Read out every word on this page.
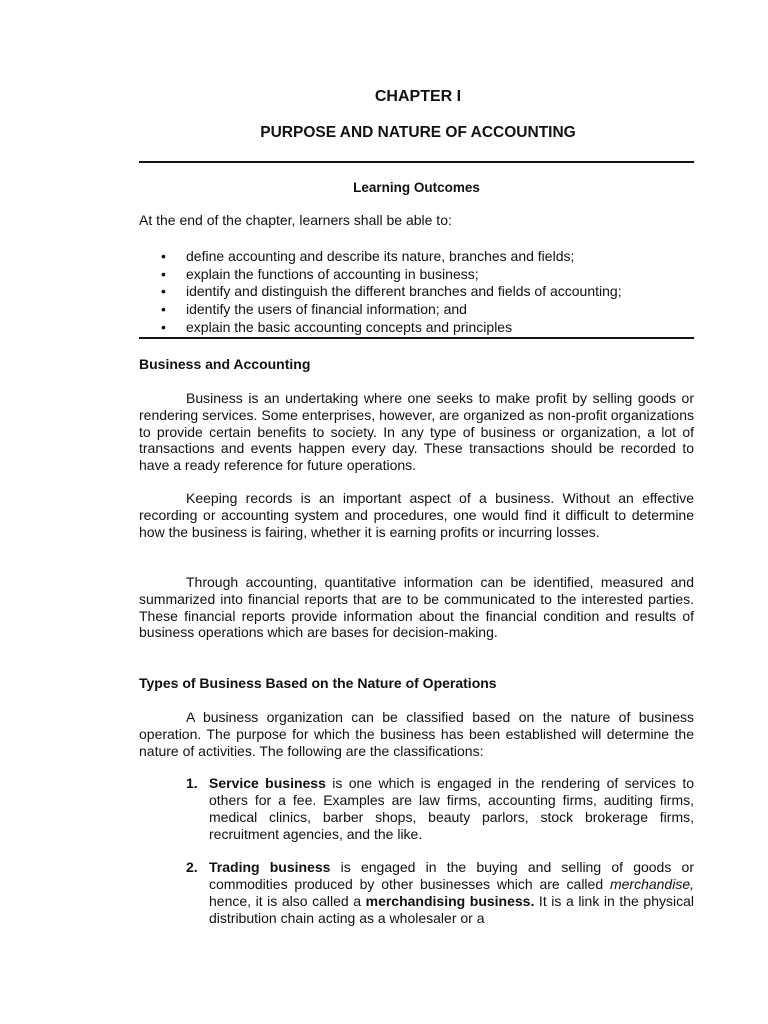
CHAPTER I
PURPOSE AND NATURE OF ACCOUNTING
Learning Outcomes

At the end of the chapter, learners shall be able to:

• define accounting and describe its nature, branches and fields;
• explain the functions of accounting in business;
• identify and distinguish the different branches and fields of accounting;
• identify the users of financial information; and
• explain the basic accounting concepts and principles
Business and Accounting

Business is an undertaking where one seeks to make profit by selling goods or rendering services. Some enterprises, however, are organized as non-profit organizations to provide certain benefits to society. In any type of business or organization, a lot of transactions and events happen every day. These transactions should be recorded to have a ready reference for future operations.

Keeping records is an important aspect of a business. Without an effective recording or accounting system and procedures, one would find it difficult to determine how the business is fairing, whether it is earning profits or incurring losses.

Through accounting, quantitative information can be identified, measured and summarized into financial reports that are to be communicated to the interested parties. These financial reports provide information about the financial condition and results of business operations which are bases for decision-making.

Types of Business Based on the Nature of Operations

A business organization can be classified based on the nature of business operation. The purpose for which the business has been established will determine the nature of activities. The following are the classifications:

1. Service business is one which is engaged in the rendering of services to others for a fee. Examples are law firms, accounting firms, auditing firms, medical clinics, barber shops, beauty parlors, stock brokerage firms, recruitment agencies, and the like.
2. Trading business is engaged in the buying and selling of goods or commodities produced by other businesses which are called merchandise, hence, it is also called a merchandising business. It is a link in the physical distribution chain acting as a wholesaler or a
